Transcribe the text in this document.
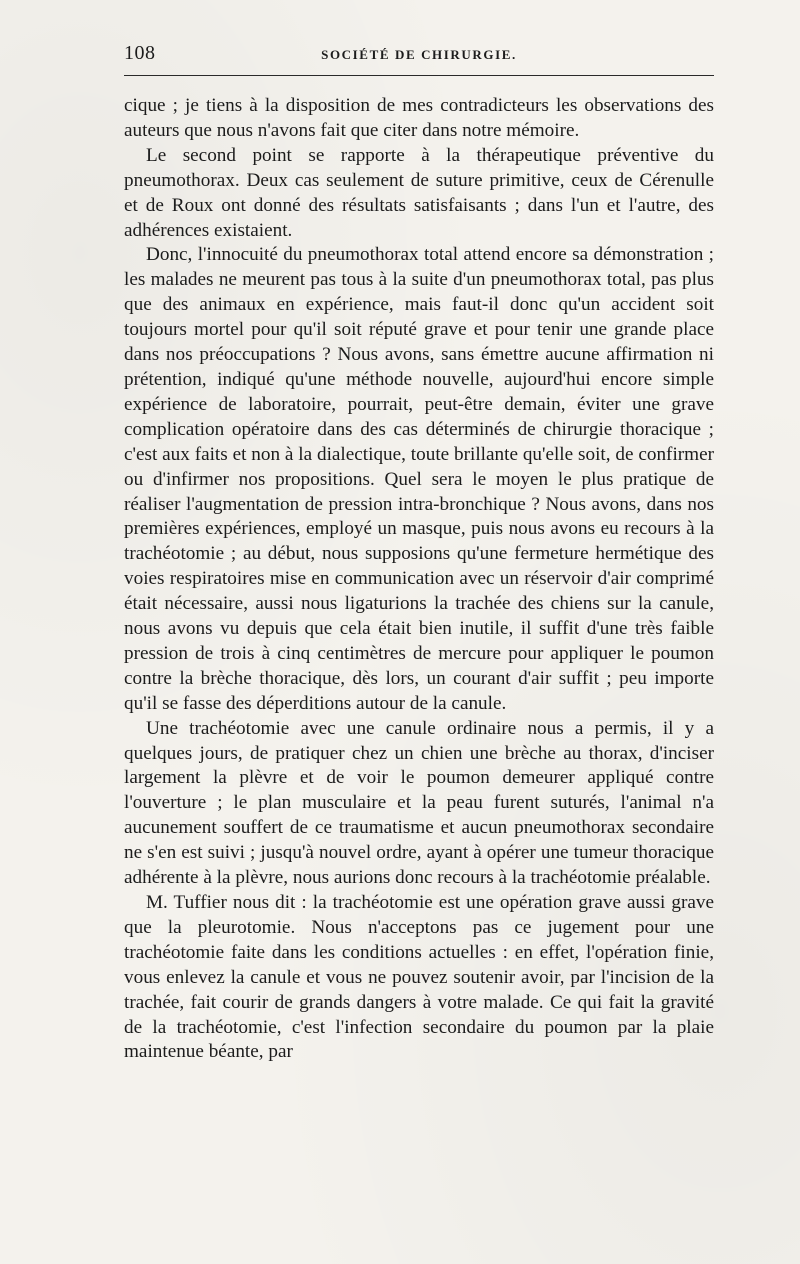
108	SOCIÉTÉ DE CHIRURGIE.

cique ; je tiens à la disposition de mes contradicteurs les observations des auteurs que nous n'avons fait que citer dans notre mémoire.

Le second point se rapporte à la thérapeutique préventive du pneumothorax. Deux cas seulement de suture primitive, ceux de Cérenulle et de Roux ont donné des résultats satisfaisants ; dans l'un et l'autre, des adhérences existaient.

Donc, l'innocuité du pneumothorax total attend encore sa démonstration ; les malades ne meurent pas tous à la suite d'un pneumothorax total, pas plus que des animaux en expérience, mais faut-il donc qu'un accident soit toujours mortel pour qu'il soit réputé grave et pour tenir une grande place dans nos préoccupations ? Nous avons, sans émettre aucune affirmation ni prétention, indiqué qu'une méthode nouvelle, aujourd'hui encore simple expérience de laboratoire, pourrait, peut-être demain, éviter une grave complication opératoire dans des cas déterminés de chirurgie thoracique ; c'est aux faits et non à la dialectique, toute brillante qu'elle soit, de confirmer ou d'infirmer nos propositions. Quel sera le moyen le plus pratique de réaliser l'augmentation de pression intra-bronchique ? Nous avons, dans nos premières expériences, employé un masque, puis nous avons eu recours à la trachéotomie ; au début, nous supposions qu'une fermeture hermétique des voies respiratoires mise en communication avec un réservoir d'air comprimé était nécessaire, aussi nous ligaturions la trachée des chiens sur la canule, nous avons vu depuis que cela était bien inutile, il suffit d'une très faible pression de trois à cinq centimètres de mercure pour appliquer le poumon contre la brèche thoracique, dès lors, un courant d'air suffit ; peu importe qu'il se fasse des déperditions autour de la canule.

Une trachéotomie avec une canule ordinaire nous a permis, il y a quelques jours, de pratiquer chez un chien une brèche au thorax, d'inciser largement la plèvre et de voir le poumon demeurer appliqué contre l'ouverture ; le plan musculaire et la peau furent suturés, l'animal n'a aucunement souffert de ce traumatisme et aucun pneumothorax secondaire ne s'en est suivi ; jusqu'à nouvel ordre, ayant à opérer une tumeur thoracique adhérente à la plèvre, nous aurions donc recours à la trachéotomie préalable.

M. Tuffier nous dit : la trachéotomie est une opération grave aussi grave que la pleurotomie. Nous n'acceptons pas ce jugement pour une trachéotomie faite dans les conditions actuelles : en effet, l'opération finie, vous enlevez la canule et vous ne pouvez soutenir avoir, par l'incision de la trachée, fait courir de grands dangers à votre malade. Ce qui fait la gravité de la trachéotomie, c'est l'infection secondaire du poumon par la plaie maintenue béante, par
